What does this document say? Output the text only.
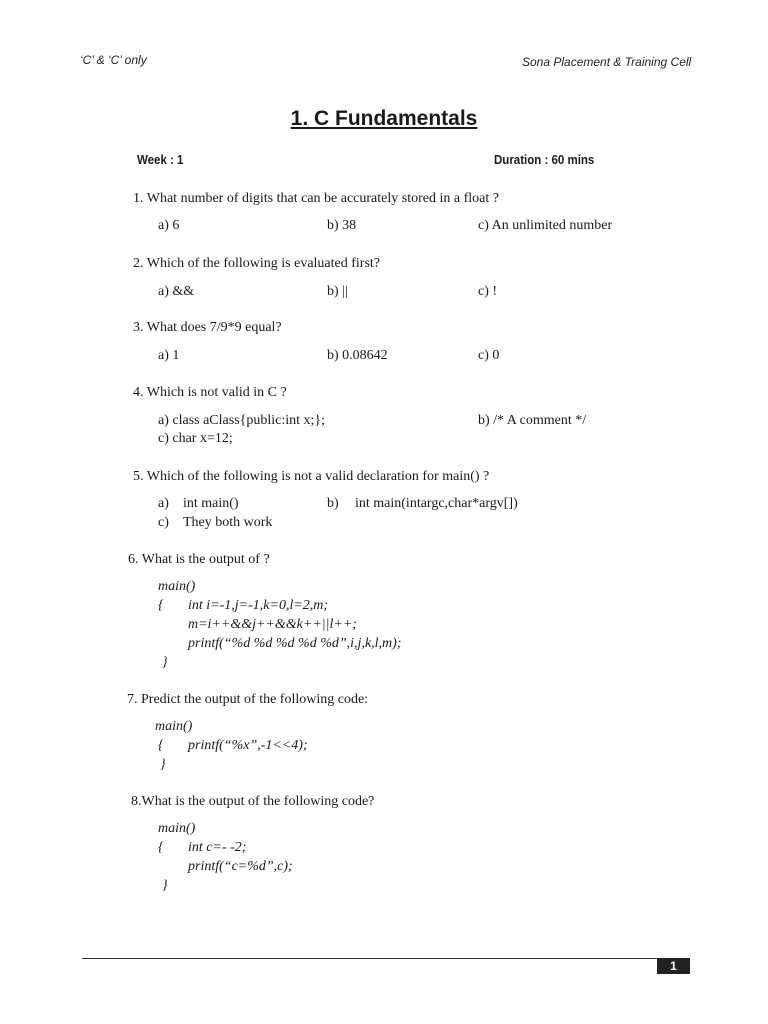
‘C’ & ‘C’ only	Sona Placement & Training Cell
1. C Fundamentals
Week : 1	Duration : 60 mins
1. What number of digits that can be accurately stored in a float ?
a) 6	b) 38	c) An unlimited number
2. Which of the following is evaluated first?
a) &&	b) ||	c) !
3. What does 7/9*9 equal?
a) 1	b) 0.08642	c) 0
4. Which is not valid in C ?
a) class aClass{public:int x;};	b) /* A comment */
c) char x=12;
5. Which of the following is not a valid declaration for main() ?
a) int main()	b) int main(intargc,char*argv[])
c) They both work
6. What is the output of ?
main()
{ int i=-1,j=-1,k=0,l=2,m;
m=i++&&j++&&k++||l++;
printf(“%d %d %d %d %d”,i,j,k,l,m);
}
7. Predict the output of the following code:
main()
{ printf(“%x”,-1<<4);
}
8.What is the output of the following code?
main()
{ int c=- -2;
printf(“c=%d”,c);
}
1
